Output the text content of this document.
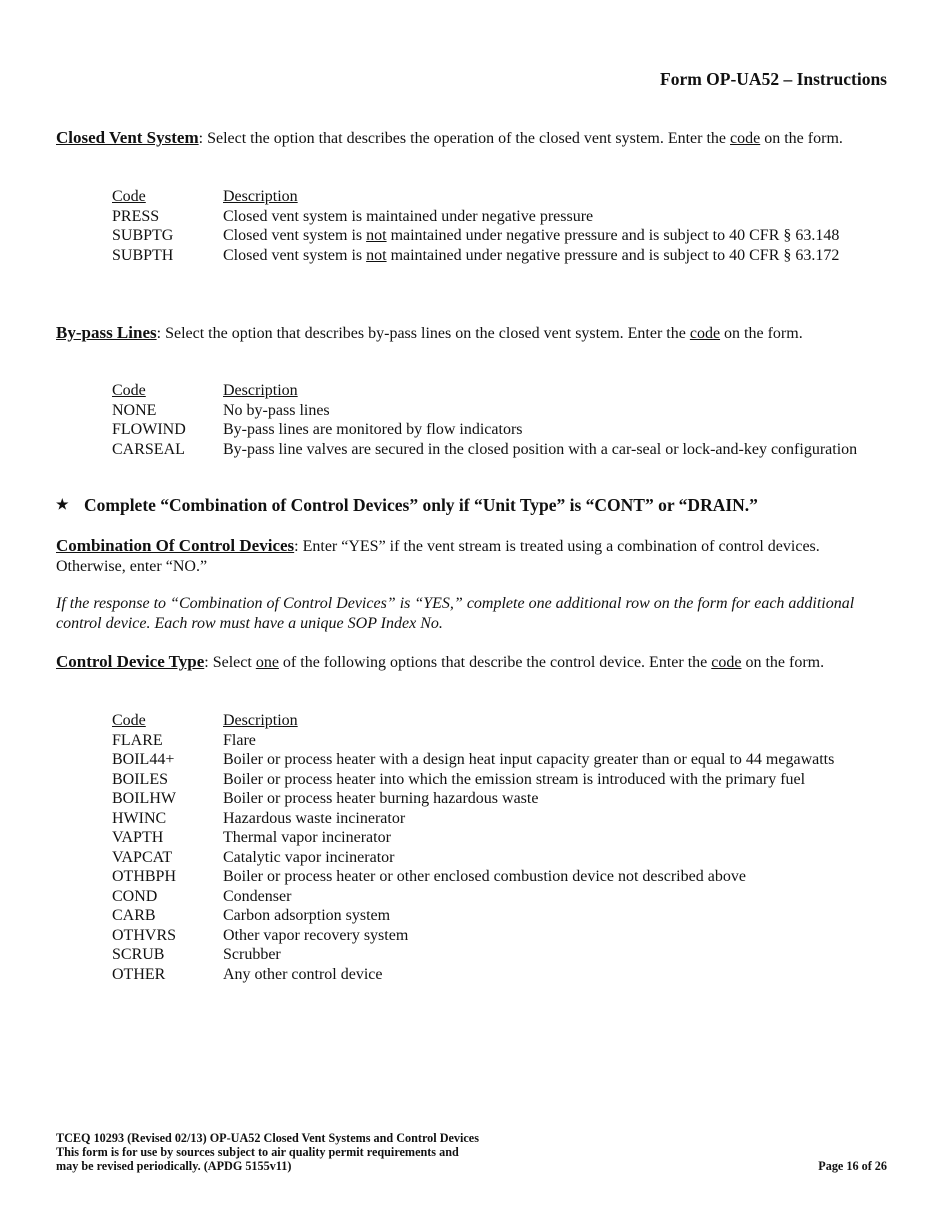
Form OP-UA52 – Instructions

Closed Vent System: Select the option that describes the operation of the closed vent system. Enter the code on the form.

Code	Description
PRESS	Closed vent system is maintained under negative pressure
SUBPTG	Closed vent system is not maintained under negative pressure and is subject to 40 CFR § 63.148
SUBPTH	Closed vent system is not maintained under negative pressure and is subject to 40 CFR § 63.172

By-pass Lines: Select the option that describes by-pass lines on the closed vent system. Enter the code on the form.

Code	Description
NONE	No by-pass lines
FLOWIND	By-pass lines are monitored by flow indicators
CARSEAL	By-pass line valves are secured in the closed position with a car-seal or lock-and-key configuration
★ Complete “Combination of Control Devices” only if “Unit Type” is “CONT” or “DRAIN.”

Combination Of Control Devices: Enter “YES” if the vent stream is treated using a combination of control devices. Otherwise, enter “NO.”

If the response to “Combination of Control Devices” is “YES,” complete one additional row on the form for each additional control device. Each row must have a unique SOP Index No.

Control Device Type: Select one of the following options that describe the control device. Enter the code on the form.

Code	Description
FLARE	Flare
BOIL44+	Boiler or process heater with a design heat input capacity greater than or equal to 44 megawatts
BOILES	Boiler or process heater into which the emission stream is introduced with the primary fuel
BOILHW	Boiler or process heater burning hazardous waste
HWINC	Hazardous waste incinerator
VAPTH	Thermal vapor incinerator
VAPCAT	Catalytic vapor incinerator
OTHBPH	Boiler or process heater or other enclosed combustion device not described above
COND	Condenser
CARB	Carbon adsorption system
OTHVRS	Other vapor recovery system
SCRUB	Scrubber
OTHER	Any other control device
TCEQ 10293 (Revised 02/13) OP-UA52 Closed Vent Systems and Control Devices
This form is for use by sources subject to air quality permit requirements and
may be revised periodically. (APDG 5155v11)	Page 16 of 26
